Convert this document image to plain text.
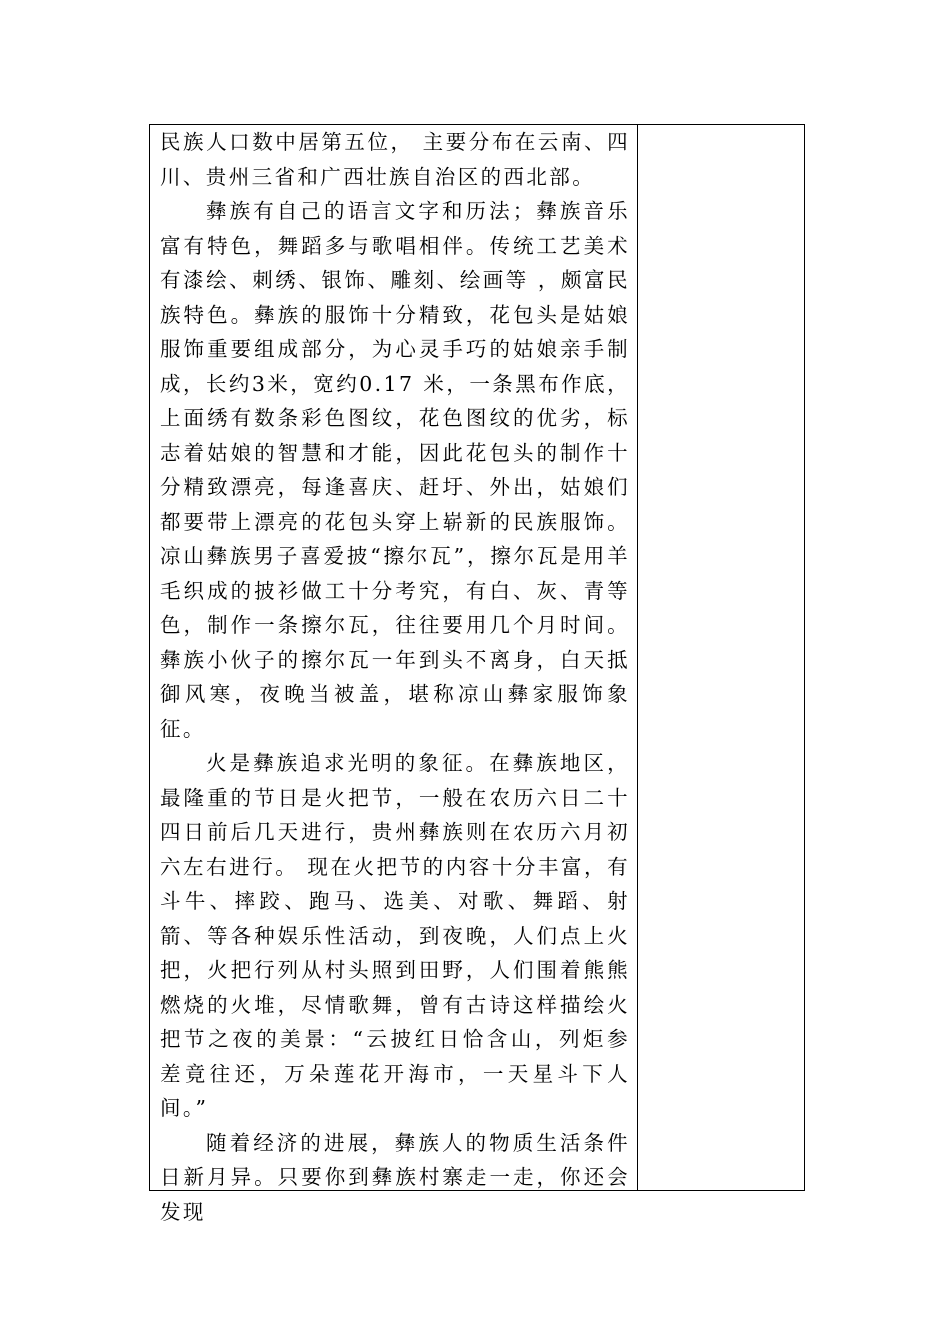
民族人口数中居第五位， 主要分布在云南、四川、贵州三省和广西壮族自治区的西北部。

彝族有自己的语言文字和历法；彝族音乐富有特色，舞蹈多与歌唱相伴。传统工艺美术有漆绘、刺绣、银饰、雕刻、绘画等 ，颇富民族特色。彝族的服饰十分精致，花包头是姑娘服饰重要组成部分，为心灵手巧的姑娘亲手制成，长约3米，宽约0.17 米，一条黑布作底，上面绣有数条彩色图纹，花色图纹的优劣，标志着姑娘的智慧和才能，因此花包头的制作十分精致漂亮，每逢喜庆、赶圩、外出，姑娘们都要带上漂亮的花包头穿上崭新的民族服饰。凉山彝族男子喜爱披“擦尔瓦”，擦尔瓦是用羊毛织成的披衫做工十分考究，有白、灰、青等色，制作一条擦尔瓦，往往要用几个月时间。彝族小伙子的擦尔瓦一年到头不离身，白天抵御风寒，夜晚当被盖，堪称凉山彝家服饰象征。

火是彝族追求光明的象征。在彝族地区，最隆重的节日是火把节，一般在农历六日二十四日前后几天进行，贵州彝族则在农历六月初六左右进行。 现在火把节的内容十分丰富，有斗牛、摔跤、跑马、选美、对歌、舞蹈、射箭、等各种娱乐性活动，到夜晚，人们点上火把，火把行列从村头照到田野，人们围着熊熊燃烧的火堆，尽情歌舞，曾有古诗这样描绘火把节之夜的美景：“云披红日恰含山，列炬参差竟往还，万朵莲花开海市，一天星斗下人间。”

随着经济的进展，彝族人的物质生活条件日新月异。只要你到彝族村寨走一走，你还会发现
